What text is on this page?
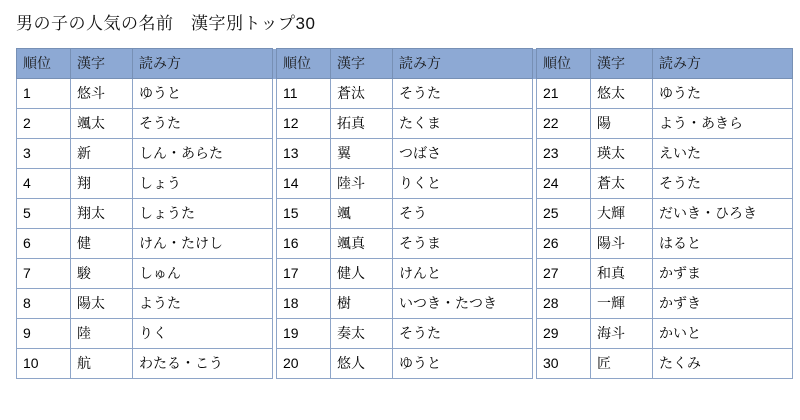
男の子の人気の名前　漢字別トップ30
順位	漢字	読み方		順位	漢字	読み方		順位	漢字	読み方
1	悠斗	ゆうと		11	蒼汰	そうた		21	悠太	ゆうた
2	颯太	そうた		12	拓真	たくま		22	陽	よう・あきら
3	新	しん・あらた		13	翼	つばさ		23	瑛太	えいた
4	翔	しょう		14	陸斗	りくと		24	蒼太	そうた
5	翔太	しょうた		15	颯	そう		25	大輝	だいき・ひろき
6	健	けん・たけし		16	颯真	そうま		26	陽斗	はると
7	駿	しゅん		17	健人	けんと		27	和真	かずま
8	陽太	ようた		18	樹	いつき・たつき		28	一輝	かずき
9	陸	りく		19	奏太	そうた		29	海斗	かいと
10	航	わたる・こう		20	悠人	ゆうと		30	匠	たくみ
